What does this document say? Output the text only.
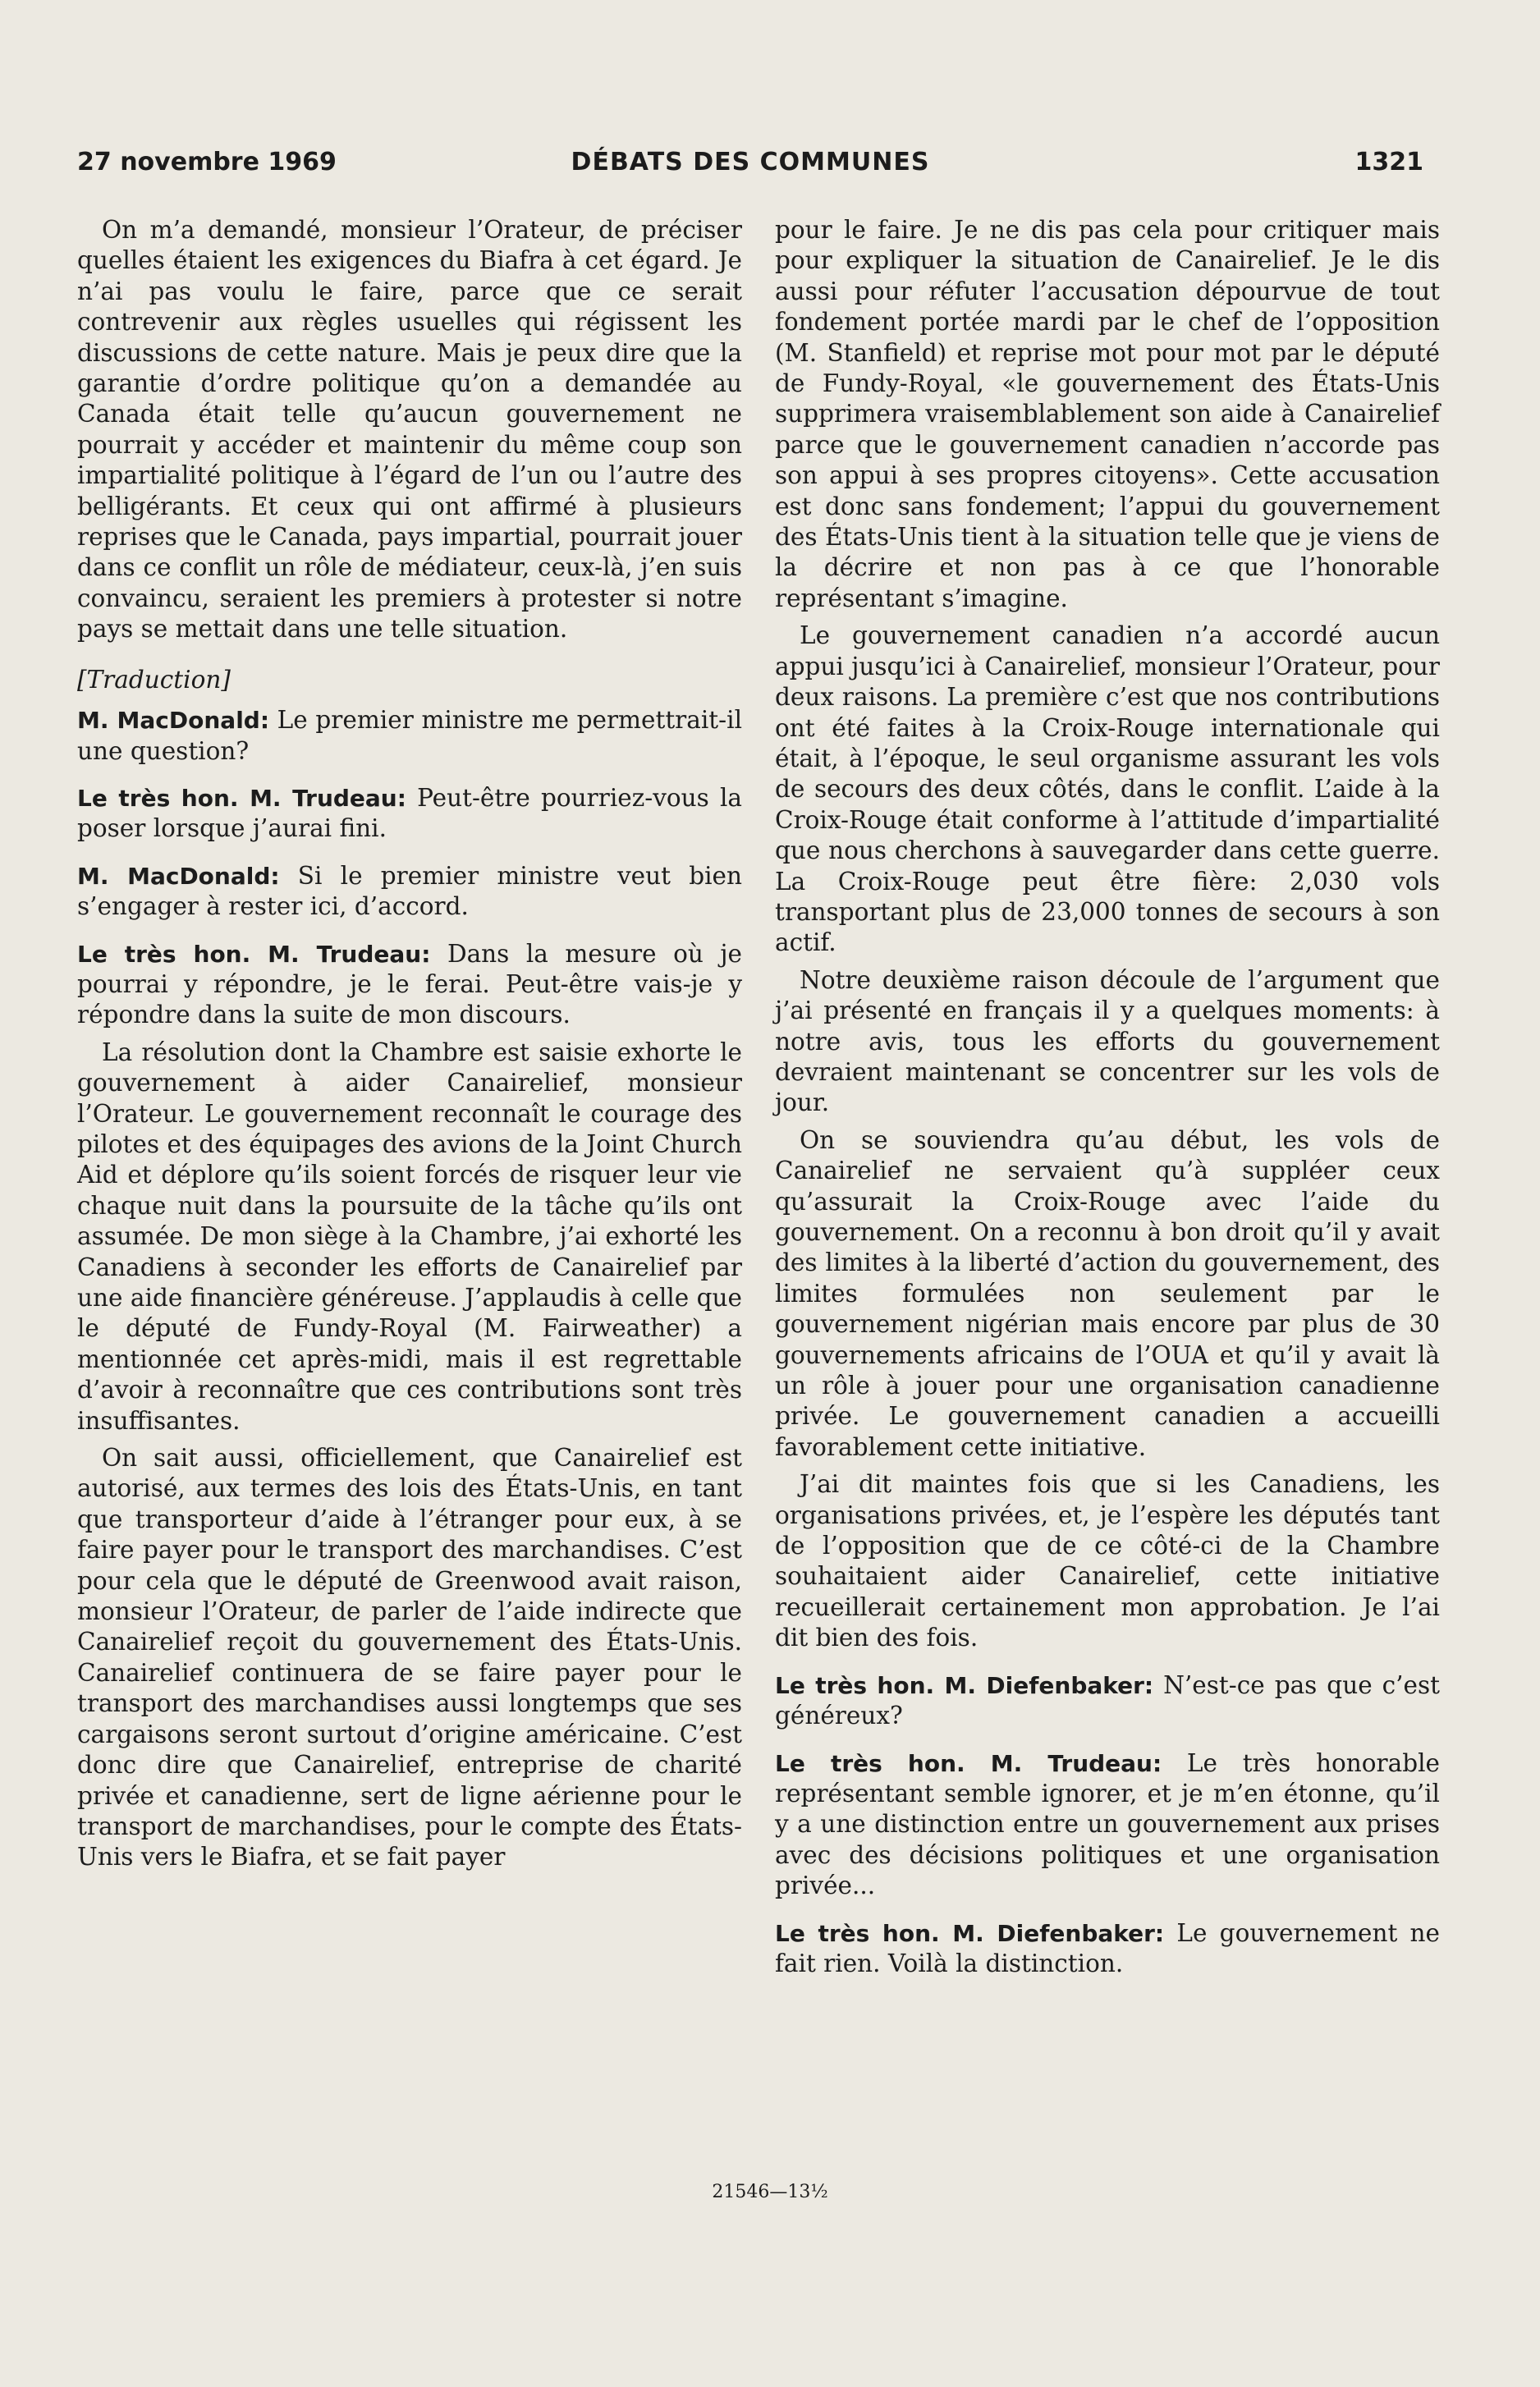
27 novembre 1969	DÉBATS DES COMMUNES	1321

On m’a demandé, monsieur l’Orateur, de préciser quelles étaient les exigences du Biafra à cet égard. Je n’ai pas voulu le faire, parce que ce serait contrevenir aux règles usuelles qui régissent les discussions de cette nature. Mais je peux dire que la garantie d’ordre politique qu’on a demandée au Canada était telle qu’aucun gouvernement ne pourrait y accéder et maintenir du même coup son impartialité politique à l’égard de l’un ou l’autre des belligérants. Et ceux qui ont affirmé à plusieurs reprises que le Canada, pays impartial, pourrait jouer dans ce conflit un rôle de médiateur, ceux-là, j’en suis convaincu, seraient les premiers à protester si notre pays se mettait dans une telle situation.

[Traduction]

M. MacDonald: Le premier ministre me permettrait-il une question?

Le très hon. M. Trudeau: Peut-être pourriez-vous la poser lorsque j’aurai fini.

M. MacDonald: Si le premier ministre veut bien s’engager à rester ici, d’accord.

Le très hon. M. Trudeau: Dans la mesure où je pourrai y répondre, je le ferai. Peut-être vais-je y répondre dans la suite de mon discours.

La résolution dont la Chambre est saisie exhorte le gouvernement à aider Canairelief, monsieur l’Orateur. Le gouvernement reconnaît le courage des pilotes et des équipages des avions de la Joint Church Aid et déplore qu’ils soient forcés de risquer leur vie chaque nuit dans la poursuite de la tâche qu’ils ont assumée. De mon siège à la Chambre, j’ai exhorté les Canadiens à seconder les efforts de Canairelief par une aide financière généreuse. J’applaudis à celle que le député de Fundy-Royal (M. Fairweather) a mentionnée cet après-midi, mais il est regrettable d’avoir à reconnaître que ces contributions sont très insuffisantes.

On sait aussi, officiellement, que Canairelief est autorisé, aux termes des lois des États-Unis, en tant que transporteur d’aide à l’étranger pour eux, à se faire payer pour le transport des marchandises. C’est pour cela que le député de Greenwood avait raison, monsieur l’Orateur, de parler de l’aide indirecte que Canairelief reçoit du gouvernement des États-Unis. Canairelief continuera de se faire payer pour le transport des marchandises aussi longtemps que ses cargaisons seront surtout d’origine américaine. C’est donc dire que Canairelief, entreprise de charité privée et canadienne, sert de ligne aérienne pour le transport de marchandises, pour le compte des États-Unis vers le Biafra, et se fait payer

pour le faire. Je ne dis pas cela pour critiquer mais pour expliquer la situation de Canairelief. Je le dis aussi pour réfuter l’accusation dépourvue de tout fondement portée mardi par le chef de l’opposition (M. Stanfield) et reprise mot pour mot par le député de Fundy-Royal, «le gouvernement des États-Unis supprimera vraisemblablement son aide à Canairelief parce que le gouvernement canadien n’accorde pas son appui à ses propres citoyens». Cette accusation est donc sans fondement; l’appui du gouvernement des États-Unis tient à la situation telle que je viens de la décrire et non pas à ce que l’honorable représentant s’imagine.

Le gouvernement canadien n’a accordé aucun appui jusqu’ici à Canairelief, monsieur l’Orateur, pour deux raisons. La première c’est que nos contributions ont été faites à la Croix-Rouge internationale qui était, à l’époque, le seul organisme assurant les vols de secours des deux côtés, dans le conflit. L’aide à la Croix-Rouge était conforme à l’attitude d’impartialité que nous cherchons à sauvegarder dans cette guerre. La Croix-Rouge peut être fière: 2,030 vols transportant plus de 23,000 tonnes de secours à son actif.

Notre deuxième raison découle de l’argument que j’ai présenté en français il y a quelques moments: à notre avis, tous les efforts du gouvernement devraient maintenant se concentrer sur les vols de jour.

On se souviendra qu’au début, les vols de Canairelief ne servaient qu’à suppléer ceux qu’assurait la Croix-Rouge avec l’aide du gouvernement. On a reconnu à bon droit qu’il y avait des limites à la liberté d’action du gouvernement, des limites formulées non seulement par le gouvernement nigérian mais encore par plus de 30 gouvernements africains de l’OUA et qu’il y avait là un rôle à jouer pour une organisation canadienne privée. Le gouvernement canadien a accueilli favorablement cette initiative.

J’ai dit maintes fois que si les Canadiens, les organisations privées, et, je l’espère les députés tant de l’opposition que de ce côté-ci de la Chambre souhaitaient aider Canairelief, cette initiative recueillerait certainement mon approbation. Je l’ai dit bien des fois.

Le très hon. M. Diefenbaker: N’est-ce pas que c’est généreux?

Le très hon. M. Trudeau: Le très honorable représentant semble ignorer, et je m’en étonne, qu’il y a une distinction entre un gouvernement aux prises avec des décisions politiques et une organisation privée...

Le très hon. M. Diefenbaker: Le gouvernement ne fait rien. Voilà la distinction.

21546—13½
